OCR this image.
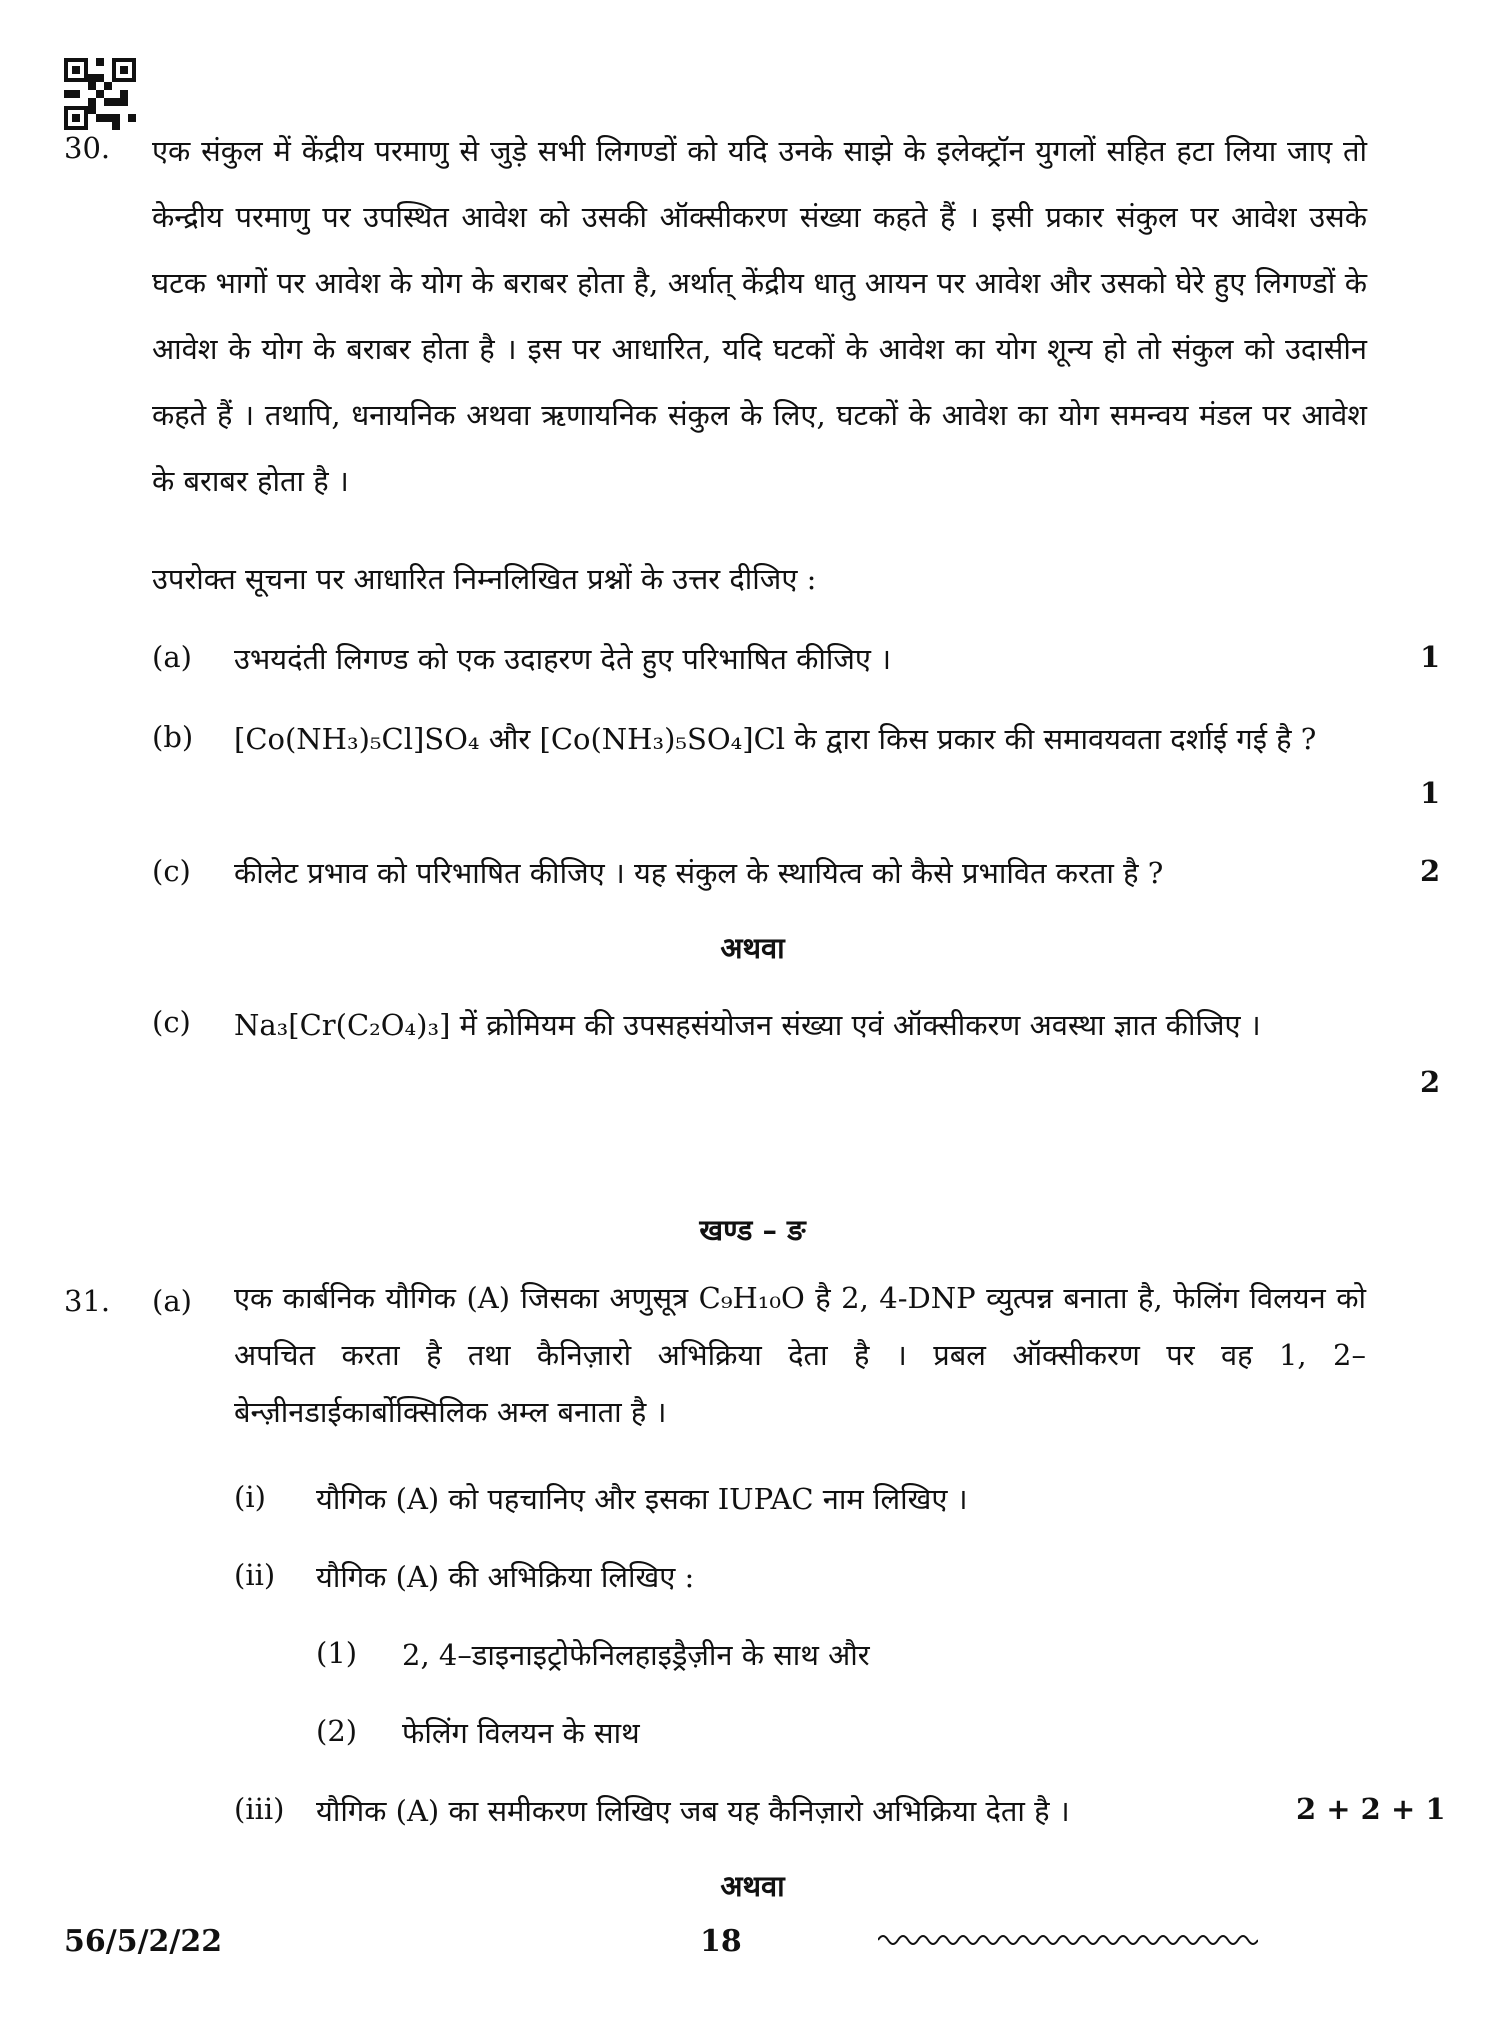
30. एक संकुल में केंद्रीय परमाणु से जुड़े सभी लिगण्डों को यदि उनके साझे के इलेक्ट्रॉन युगलों सहित हटा लिया जाए तो केन्द्रीय परमाणु पर उपस्थित आवेश को उसकी ऑक्सीकरण संख्या कहते हैं । इसी प्रकार संकुल पर आवेश उसके घटक भागों पर आवेश के योग के बराबर होता है, अर्थात् केंद्रीय धातु आयन पर आवेश और उसको घेरे हुए लिगण्डों के आवेश के योग के बराबर होता है । इस पर आधारित, यदि घटकों के आवेश का योग शून्य हो तो संकुल को उदासीन कहते हैं । तथापि, धनायनिक अथवा ऋणायनिक संकुल के लिए, घटकों के आवेश का योग समन्वय मंडल पर आवेश के बराबर होता है ।
उपरोक्त सूचना पर आधारित निम्नलिखित प्रश्नों के उत्तर दीजिए :
(a) उभयदंती लिगण्ड को एक उदाहरण देते हुए परिभाषित कीजिए ।	1
(b) [Co(NH₃)₅Cl]SO₄ और [Co(NH₃)₅SO₄]Cl के द्वारा किस प्रकार की समावयवता दर्शाई गई है ?
1
(c) कीलेट प्रभाव को परिभाषित कीजिए । यह संकुल के स्थायित्व को कैसे प्रभावित करता है ?	2
अथवा
(c) Na₃[Cr(C₂O₄)₃] में क्रोमियम की उपसहसंयोजन संख्या एवं ऑक्सीकरण अवस्था ज्ञात कीजिए ।
2
खण्ड – ङ
31. (a) एक कार्बनिक यौगिक (A) जिसका अणुसूत्र C₉H₁₀O है 2, 4-DNP व्युत्पन्न बनाता है, फेलिंग विलयन को अपचित करता है तथा कैनिज़ारो अभिक्रिया देता है । प्रबल ऑक्सीकरण पर वह 1, 2–बेन्ज़ीनडाईकार्बोक्सिलिक अम्ल बनाता है ।
(i) यौगिक (A) को पहचानिए और इसका IUPAC नाम लिखिए ।
(ii) यौगिक (A) की अभिक्रिया लिखिए :
(1) 2, 4–डाइनाइट्रोफेनिलहाइड्रैज़ीन के साथ और
(2) फेलिंग विलयन के साथ
(iii) यौगिक (A) का समीकरण लिखिए जब यह कैनिज़ारो अभिक्रिया देता है ।	2 + 2 + 1
अथवा
56/5/2/22	18
